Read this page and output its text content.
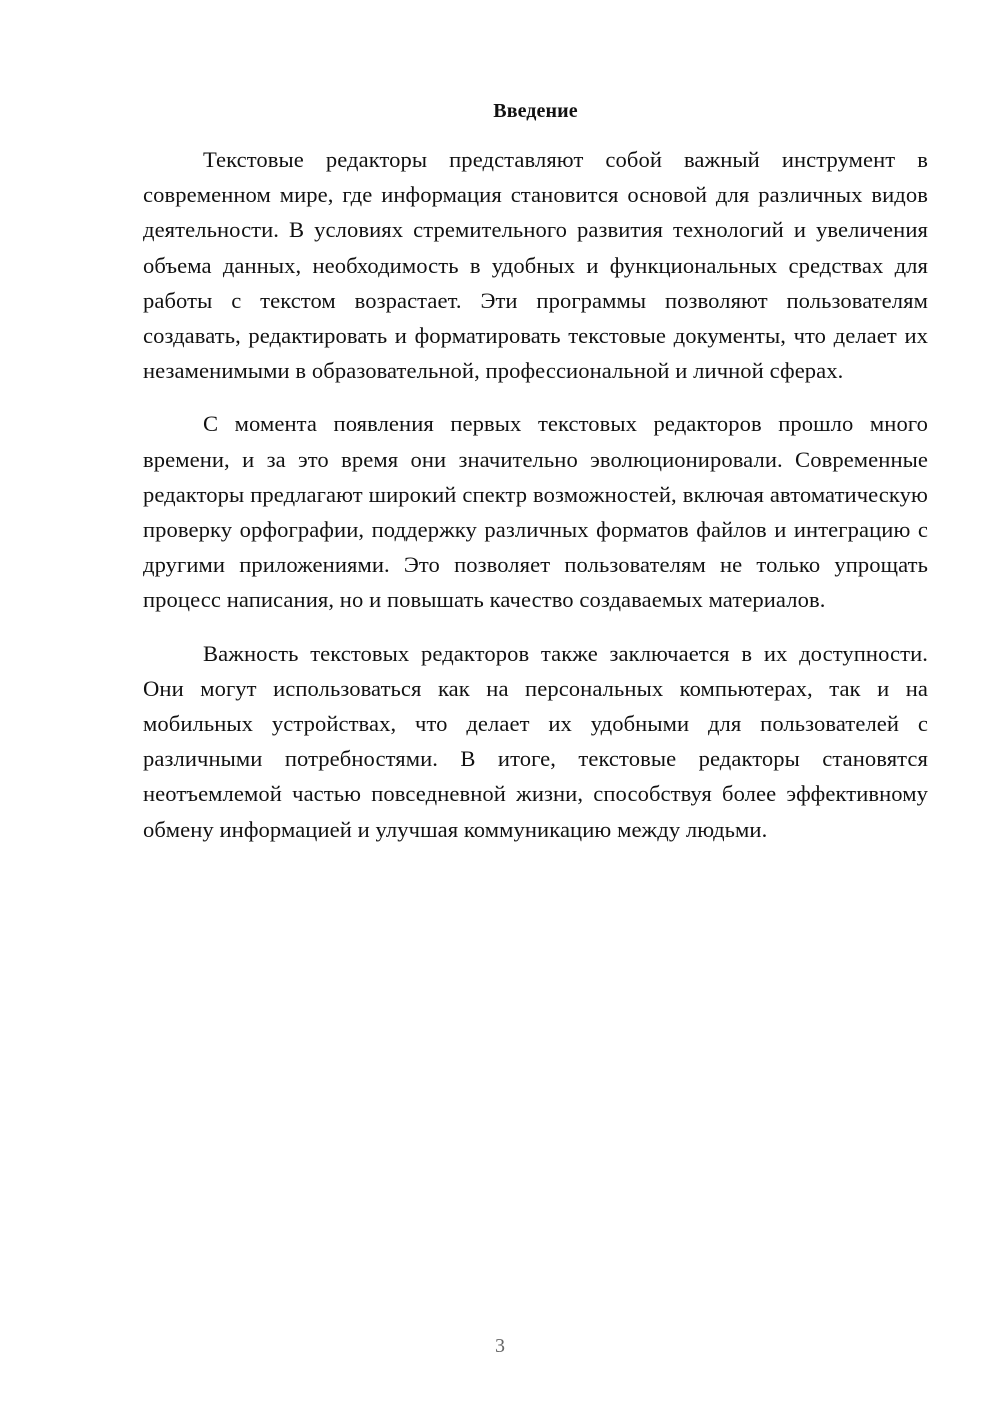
Введение

Текстовые редакторы представляют собой важный инструмент в современном мире, где информация становится основой для различных видов деятельности. В условиях стремительного развития технологий и увеличения объема данных, необходимость в удобных и функциональных средствах для работы с текстом возрастает. Эти программы позволяют пользователям создавать, редактировать и форматировать текстовые документы, что делает их незаменимыми в образовательной, профессиональной и личной сферах.

С момента появления первых текстовых редакторов прошло много времени, и за это время они значительно эволюционировали. Современные редакторы предлагают широкий спектр возможностей, включая автоматическую проверку орфографии, поддержку различных форматов файлов и интеграцию с другими приложениями. Это позволяет пользователям не только упрощать процесс написания, но и повышать качество создаваемых материалов.

Важность текстовых редакторов также заключается в их доступности. Они могут использоваться как на персональных компьютерах, так и на мобильных устройствах, что делает их удобными для пользователей с различными потребностями. В итоге, текстовые редакторы становятся неотъемлемой частью повседневной жизни, способствуя более эффективному обмену информацией и улучшая коммуникацию между людьми.

3
